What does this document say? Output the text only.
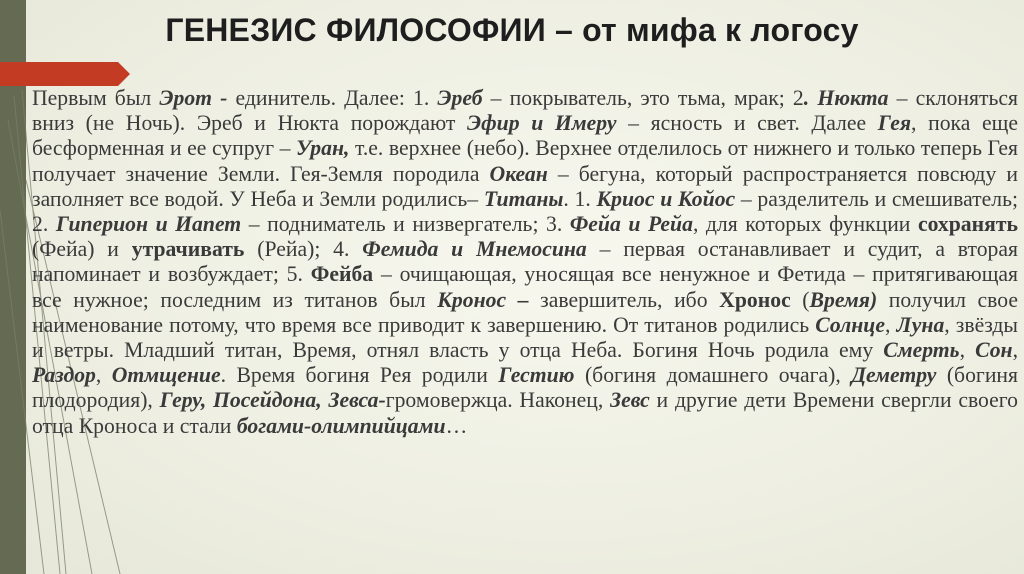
ГЕНЕЗИС ФИЛОСОФИИ – от мифа к логосу
Первым был Эрот - единитель. Далее: 1. Эреб – покрыватель, это тьма, мрак; 2. Нюкта – склоняться вниз (не Ночь). Эреб и Нюкта порождают Эфир и Имеру – ясность и свет. Далее Гея, пока еще бесформенная и ее супруг – Уран, т.е. верхнее (небо). Верхнее отделилось от нижнего и только теперь Гея получает значение Земли. Гея-Земля породила Океан – бегуна, который распространяется повсюду и заполняет все водой. У Неба и Земли родились– Титаны. 1. Криос и Койос – разделитель и смешиватель; 2. Гиперион и Иапет – подниматель и низвергатель; 3. Фейа и Рейа, для которых функции сохранять (Фейа) и утрачивать (Рейа); 4. Фемида и Мнемосина – первая останавливает и судит, а вторая напоминает и возбуждает; 5. Фейба – очищающая, уносящая все ненужное и Фетида – притягивающая все нужное; последним из титанов был Кронос – завершитель, ибо Хронос (Время) получил свое наименование потому, что время все приводит к завершению. От титанов родились Солнце, Луна, звёзды и ветры. Младший титан, Время, отнял власть у отца Неба. Богиня Ночь родила ему Смерть, Сон, Раздор, Отмщение. Время богиня Рея родили Гестию (богиня домашнего очага), Деметру (богиня плодородия), Геру, Посейдона, Зевса-громовержца. Наконец, Зевс и другие дети Времени свергли своего отца Кроноса и стали богами-олимпийцами…
